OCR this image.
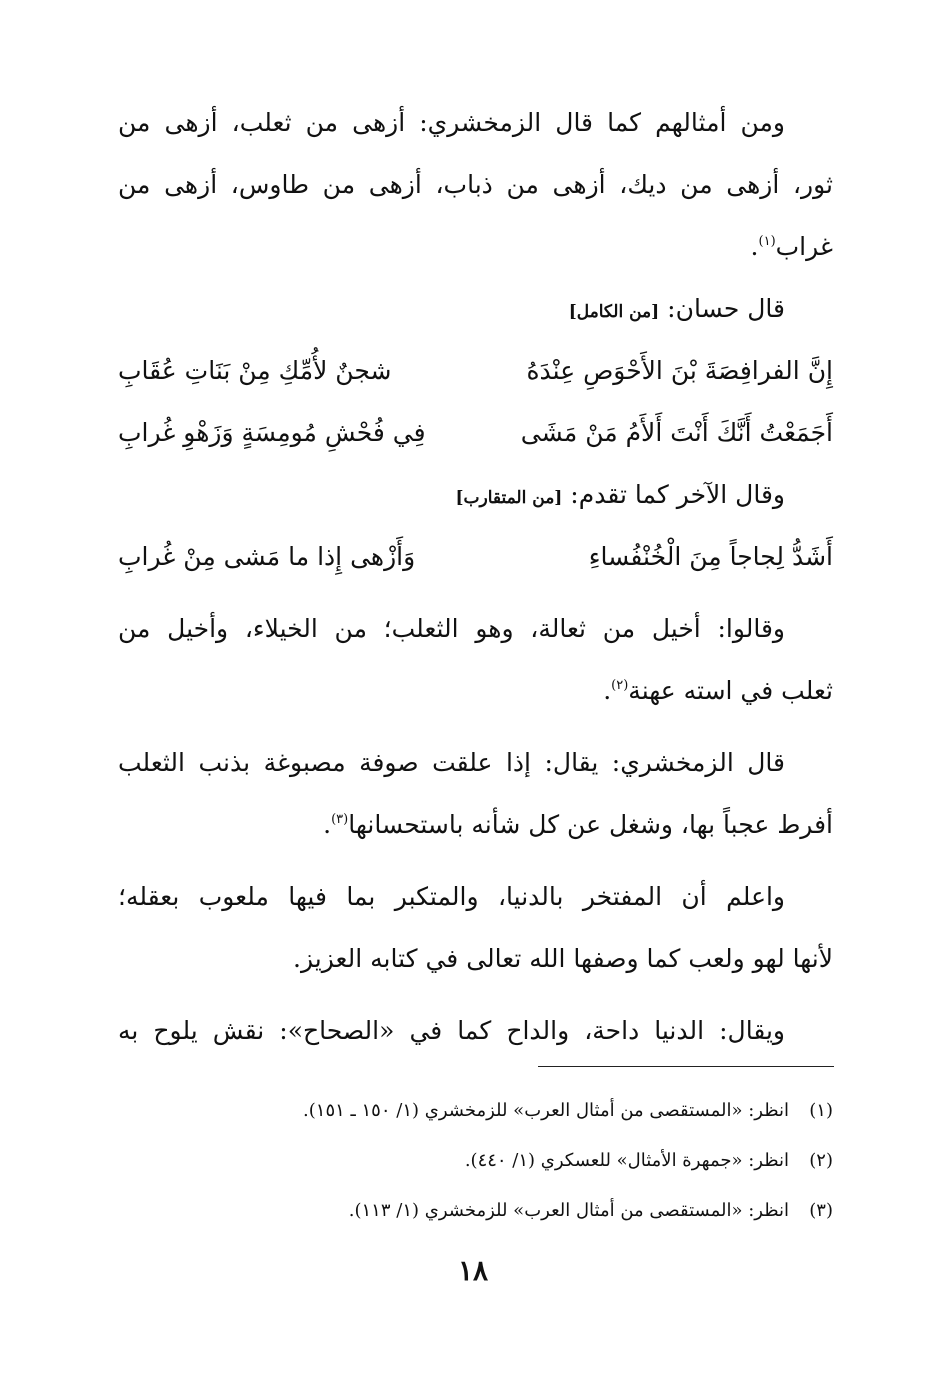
ومن أمثالهم كما قال الزمخشري: أزهى من ثعلب، أزهى من
ثور، أزهى من ديك، أزهى من ذباب، أزهى من طاوس، أزهى من
غراب$^{(١)}$.
قال حسان: [من الكامل]
إِنَّ الفرافِصَةَ بْنَ الأَحْوَصِ عِنْدَهُ
شجنٌ لأُمِّكِ مِنْ بَنَاتِ عُقَابِ
أَجَمَعْتُ أَنَّكَ أَنْتَ أَلأَمُ مَنْ مَشَى
فِي فُحْشِ مُومِسَةٍ وَزَهْوِ غُرابِ
وقال الآخر كما تقدم: [من المتقارب]
أَشَدُّ لِجاجاً مِنَ الْخُنْفُساءِ
وَأَزْهى إِذا ما مَشى مِنْ غُرابِ
وقالوا: أخيل من ثعالة، وهو الثعلب؛ من الخيلاء، وأخيل من
ثعلب في استه عهنة$^{(٢)}$.
قال الزمخشري: يقال: إذا علقت صوفة مصبوغة بذنب الثعلب
أفرط عجباً بها، وشغل عن كل شأنه باستحسانها$^{(٣)}$.
واعلم أن المفتخر بالدنيا، والمتكبر بما فيها ملعوب بعقله؛
لأنها لهو ولعب كما وصفها الله تعالى في كتابه العزيز.
ويقال: الدنيا داحة، والداح كما في «الصحاح»: نقش يلوح به
(١)انظر: «المستقصى من أمثال العرب» للزمخشري (١/ ١٥٠ ـ ١٥١).
(٢)انظر: «جمهرة الأمثال» للعسكري (١/ ٤٤٠).
(٣)انظر: «المستقصى من أمثال العرب» للزمخشري (١/ ١١٣).
١٨
